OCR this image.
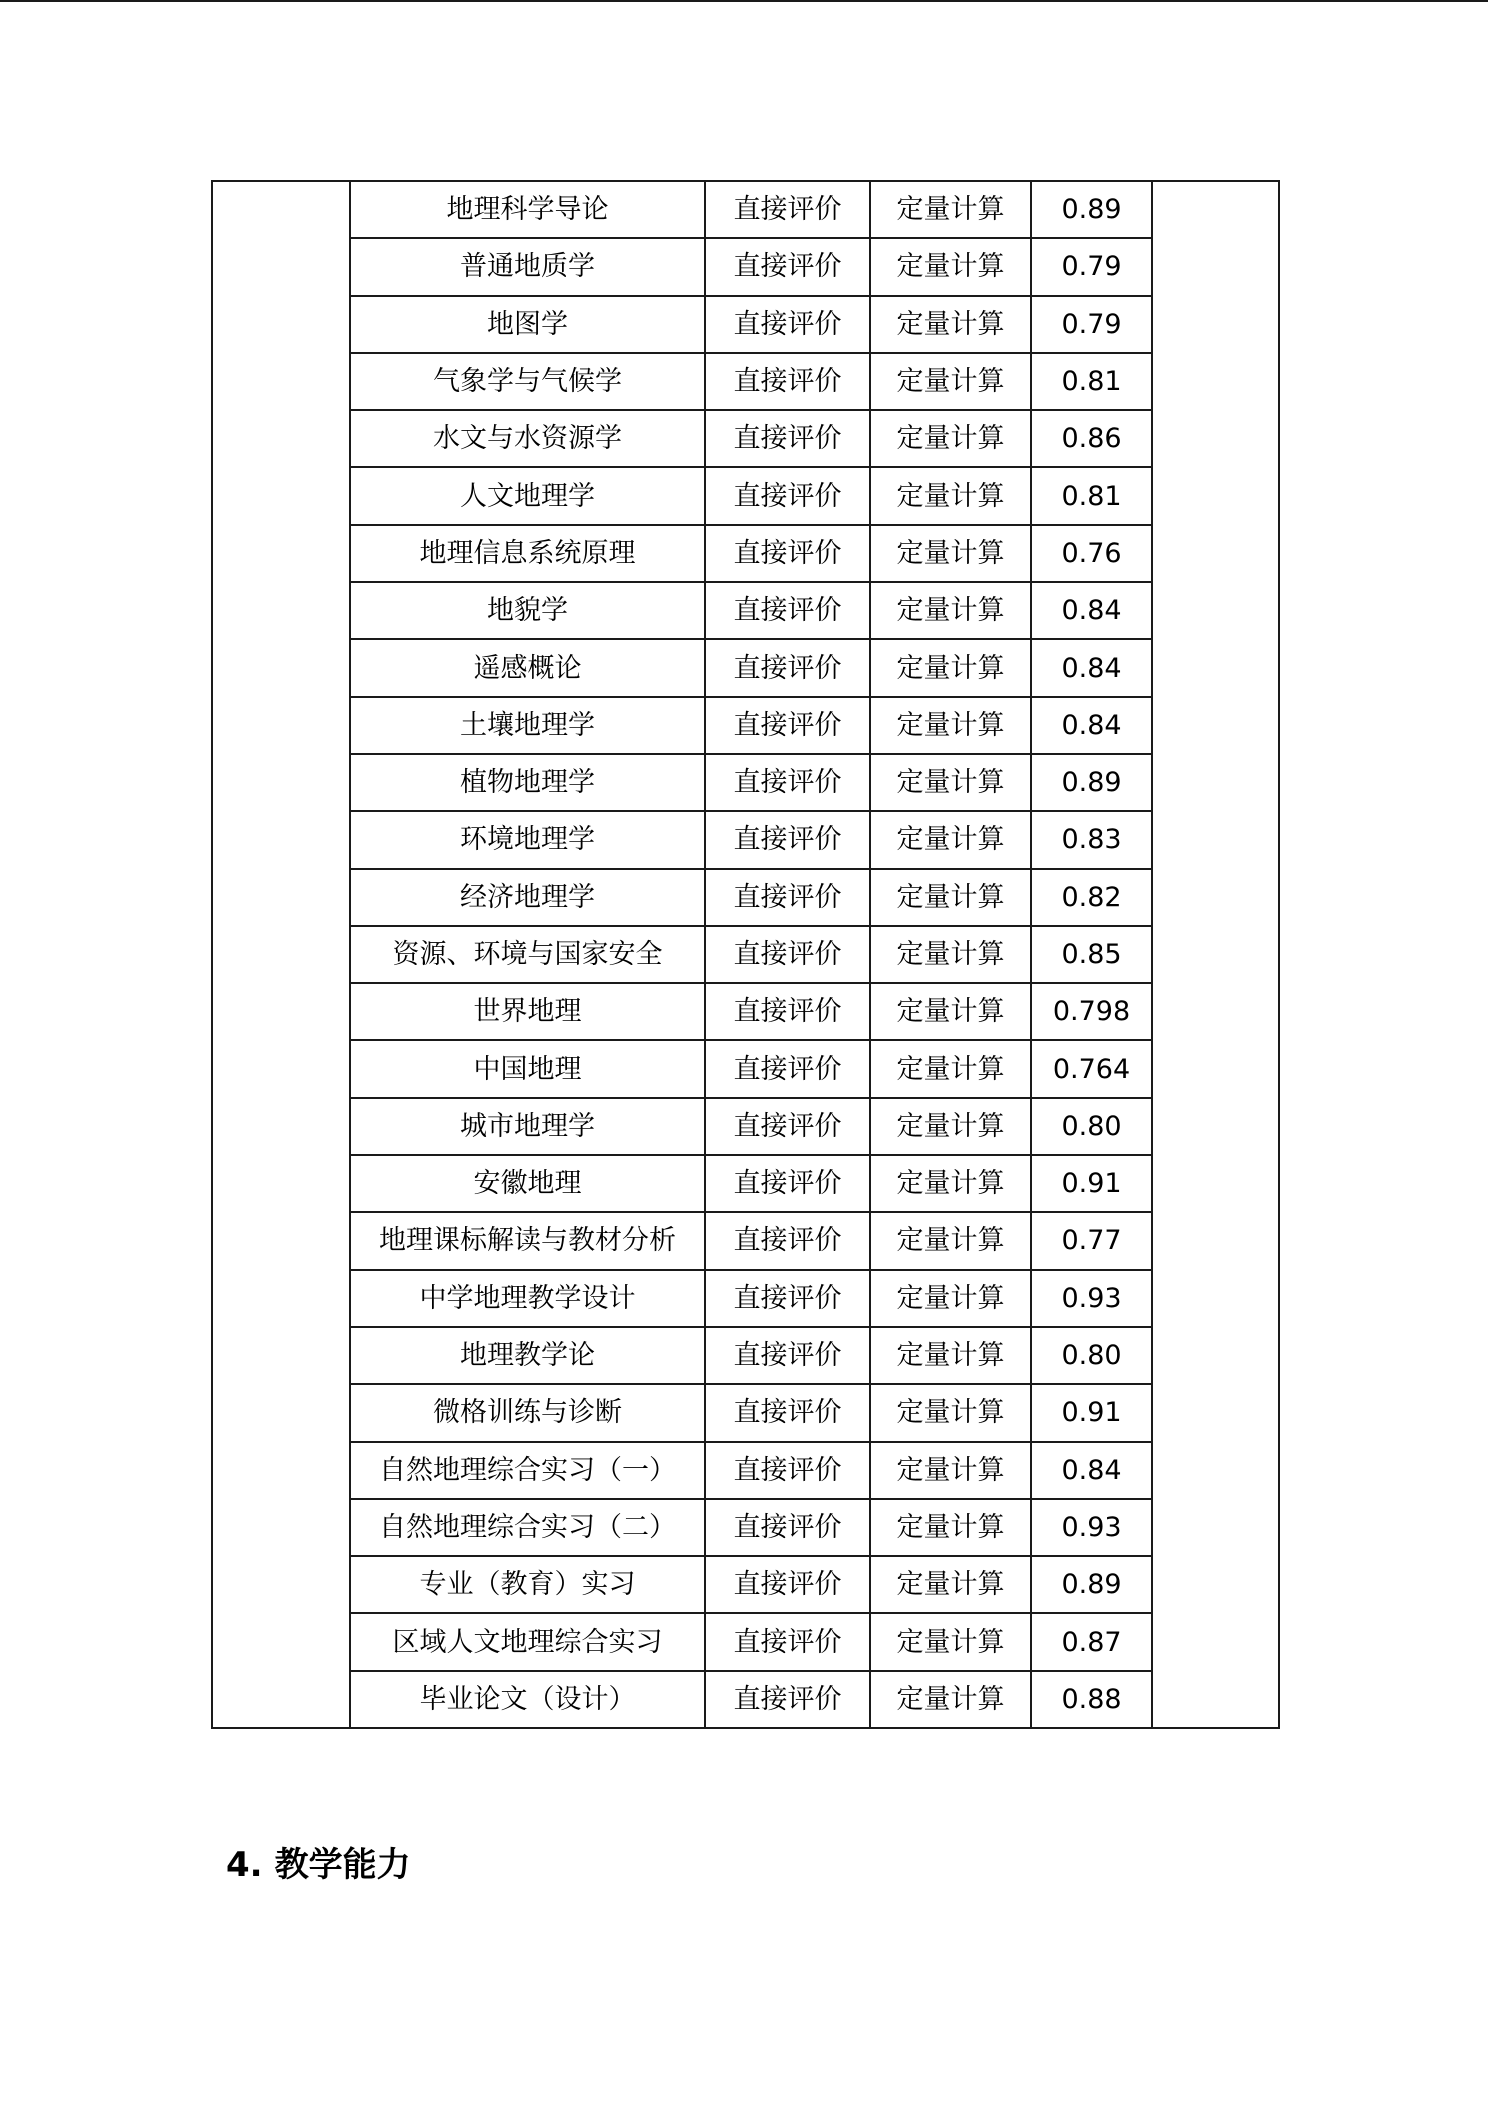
	地理科学导论	直接评价	定量计算	0.89	
	普通地质学	直接评价	定量计算	0.79	
	地图学	直接评价	定量计算	0.79	
	气象学与气候学	直接评价	定量计算	0.81	
	水文与水资源学	直接评价	定量计算	0.86	
	人文地理学	直接评价	定量计算	0.81	
	地理信息系统原理	直接评价	定量计算	0.76	
	地貌学	直接评价	定量计算	0.84	
	遥感概论	直接评价	定量计算	0.84	
	土壤地理学	直接评价	定量计算	0.84	
	植物地理学	直接评价	定量计算	0.89	
	环境地理学	直接评价	定量计算	0.83	
	经济地理学	直接评价	定量计算	0.82	
	资源、环境与国家安全	直接评价	定量计算	0.85	
	世界地理	直接评价	定量计算	0.798	
	中国地理	直接评价	定量计算	0.764	
	城市地理学	直接评价	定量计算	0.80	
	安徽地理	直接评价	定量计算	0.91	
	地理课标解读与教材分析	直接评价	定量计算	0.77	
	中学地理教学设计	直接评价	定量计算	0.93	
	地理教学论	直接评价	定量计算	0.80	
	微格训练与诊断	直接评价	定量计算	0.91	
	自然地理综合实习（一）	直接评价	定量计算	0.84	
	自然地理综合实习（二）	直接评价	定量计算	0.93	
	专业（教育）实习	直接评价	定量计算	0.89	
	区域人文地理综合实习	直接评价	定量计算	0.87	
	毕业论文（设计）	直接评价	定量计算	0.88	
4. 教学能力
